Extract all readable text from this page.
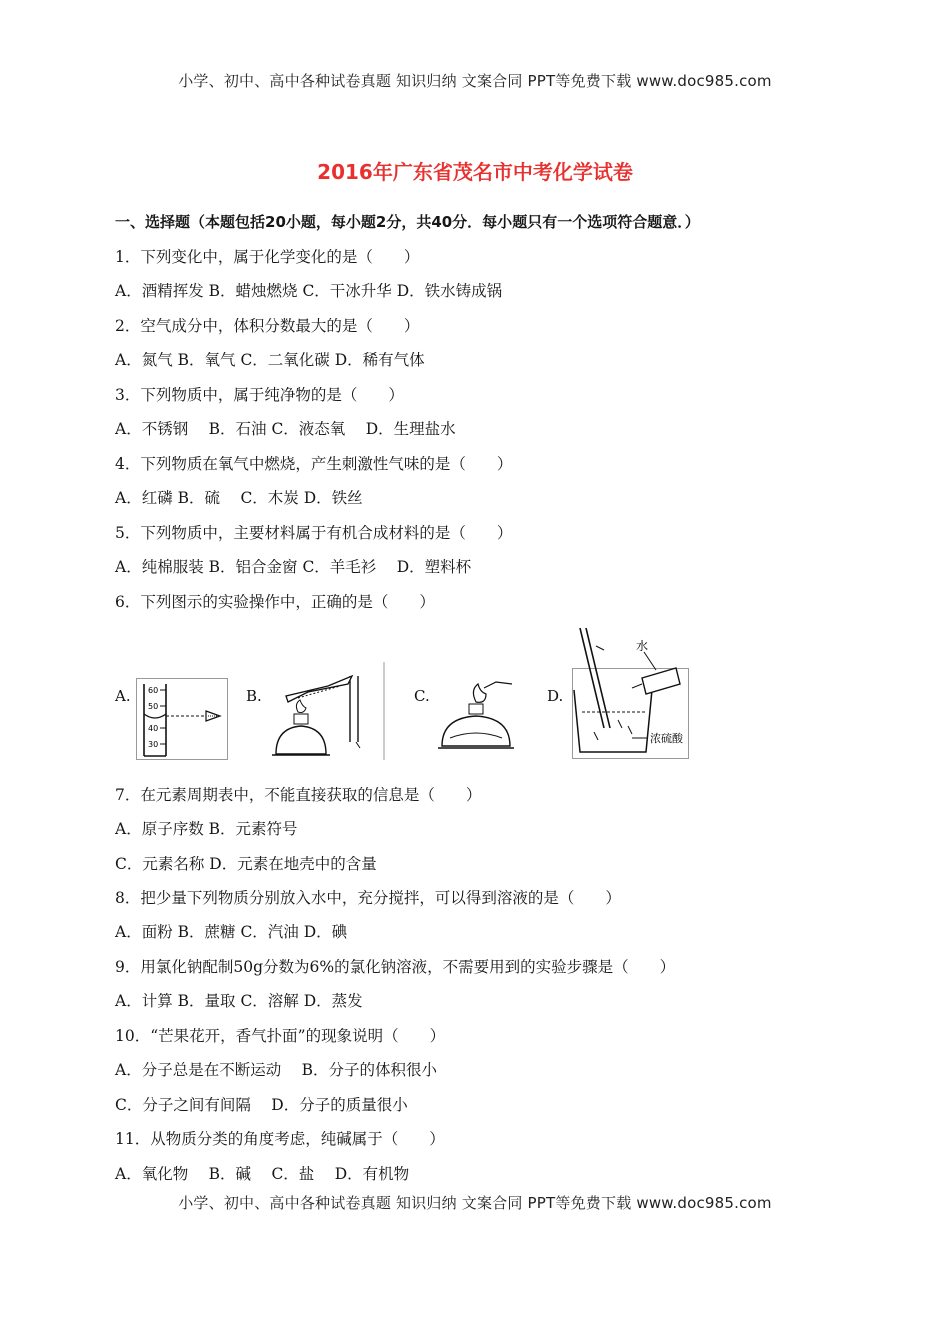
小学、初中、高中各种试卷真题 知识归纳 文案合同 PPT等免费下载 www.doc985.com
2016年广东省茂名市中考化学试卷
一、选择题（本题包括20小题，每小题2分，共40分．每小题只有一个选项符合题意．）
1．下列变化中，属于化学变化的是（　　）
A．酒精挥发 B．蜡烛燃烧 C．干冰升华 D．铁水铸成锅
2．空气成分中，体积分数最大的是（　　）
A．氮气 B．氧气 C．二氧化碳 D．稀有气体
3．下列物质中，属于纯净物的是（　　）
A．不锈钢　 B．石油 C．液态氧　 D．生理盐水
4．下列物质在氧气中燃烧，产生刺激性气味的是（　　）
A．红磷 B．硫　 C．木炭 D．铁丝
5．下列物质中，主要材料属于有机合成材料的是（　　）
A．纯棉服装 B．铝合金窗 C．羊毛衫　 D．塑料杯
6．下列图示的实验操作中，正确的是（　　）
A. 60
50
40
30
B.	C.	D.
水
浓硫酸
7．在元素周期表中，不能直接获取的信息是（　　）
A．原子序数 B．元素符号
C．元素名称 D．元素在地壳中的含量
8．把少量下列物质分别放入水中，充分搅拌，可以得到溶液的是（　　）
A．面粉 B．蔗糖 C．汽油 D．碘
9．用氯化钠配制50g分数为6%的氯化钠溶液，不需要用到的实验步骤是（　　）
A．计算 B．量取 C．溶解 D．蒸发
10．“芒果花开，香气扑面”的现象说明（　　）
A．分子总是在不断运动　 B．分子的体积很小
C．分子之间有间隔　 D．分子的质量很小
11．从物质分类的角度考虑，纯碱属于（　　）
A．氧化物　 B．碱　 C．盐　 D．有机物
小学、初中、高中各种试卷真题 知识归纳 文案合同 PPT等免费下载 www.doc985.com
